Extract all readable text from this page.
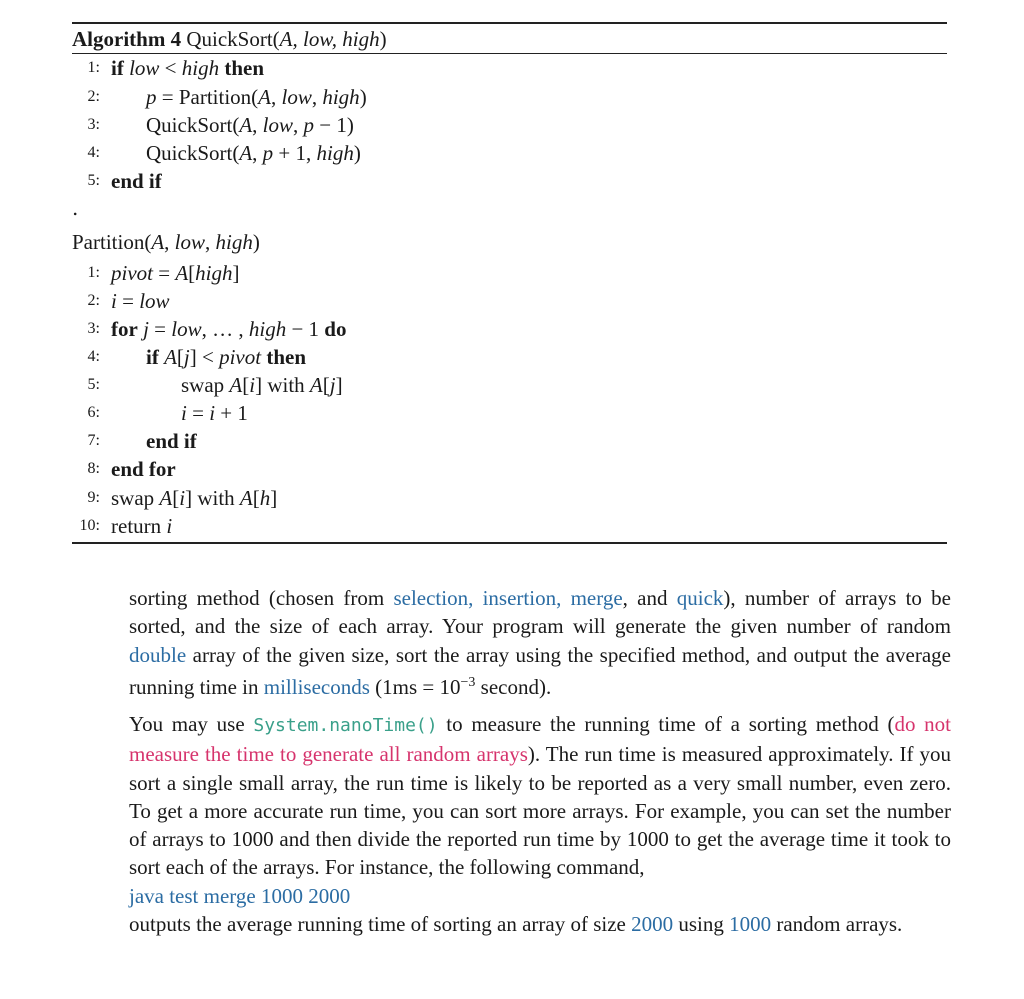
Algorithm 4 QuickSort(A, low, high)
1: if low < high then
2: p = Partition(A, low, high)
3: QuickSort(A, low, p − 1)
4: QuickSort(A, p + 1, high)
5: end if
.
Partition(A, low, high)
1: pivot = A[high]
2: i = low
3: for j = low, … , high − 1 do
4: if A[j] < pivot then
5:	swap A[i] with A[j]
6:	i = i + 1
7: end if
8: end for
9: swap A[i] with A[h]
10: return i
sorting method (chosen from selection, insertion, merge, and quick), number of arrays to be sorted, and the size of each array. Your program will generate the given number of random double array of the given size, sort the array using the specified method, and output the average running time in milliseconds ($1ms = 10^{-3}$ second).
You may use System.nanoTime() to measure the running time of a sorting method (do not measure the time to generate all random arrays). The run time is measured approximately. If you sort a single small array, the run time is likely to be reported as a very small number, even zero. To get a more accurate run time, you can sort more arrays. For example, you can set the number of arrays to 1000 and then divide the reported run time by 1000 to get the average time it took to sort each of the arrays. For instance, the following command,
java test merge 1000 2000
outputs the average running time of sorting an array of size 2000 using 1000 random arrays.
